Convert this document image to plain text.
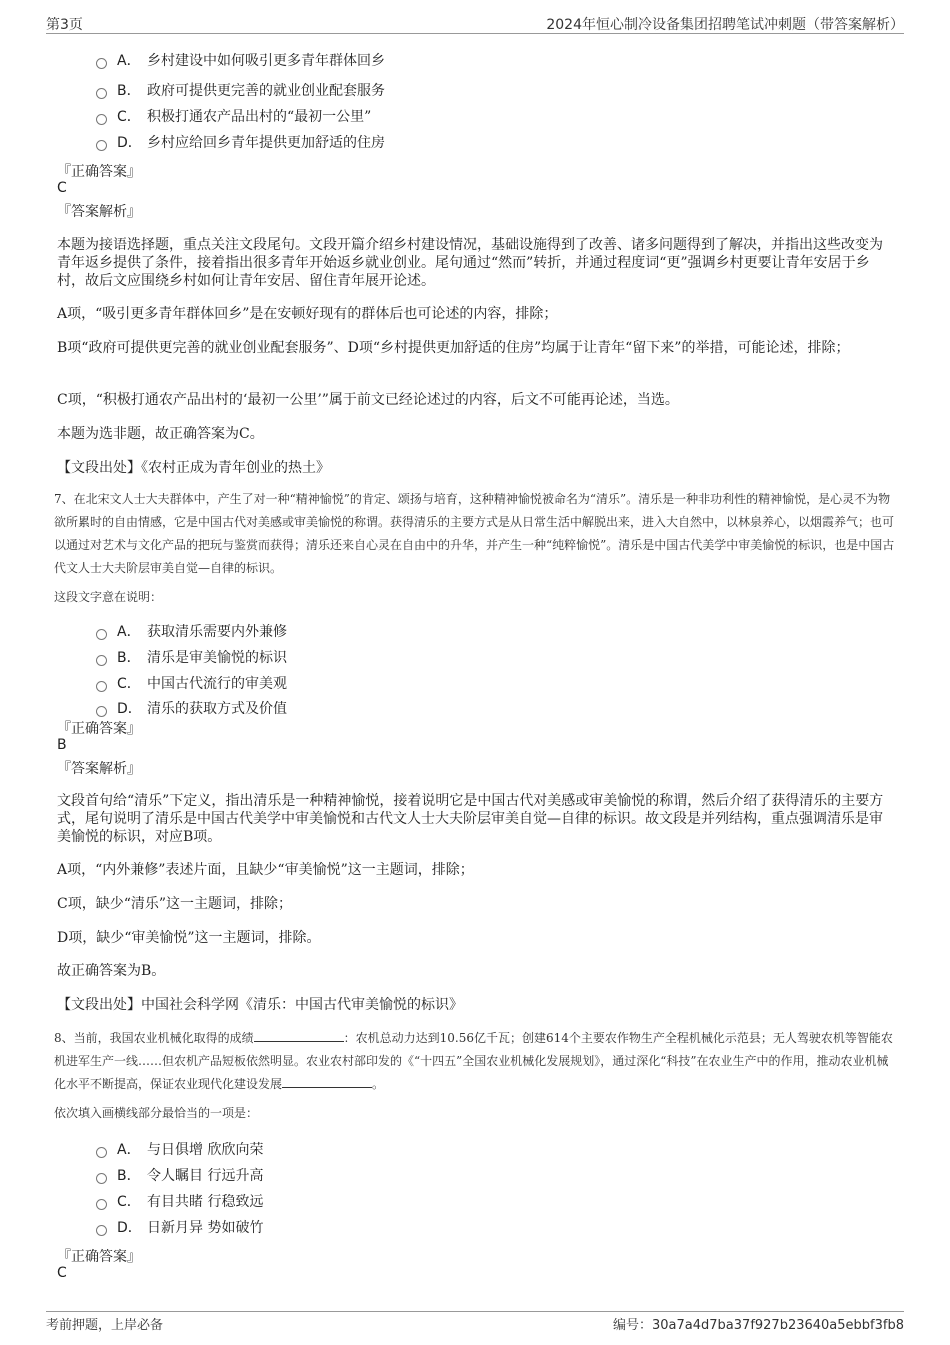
第3页	2024年恒心制冷设备集团招聘笔试冲刺题（带答案解析）
A． 乡村建设中如何吸引更多青年群体回乡
B． 政府可提供更完善的就业创业配套服务
C． 积极打通农产品出村的“最初一公里”
D． 乡村应给回乡青年提供更加舒适的住房
『正确答案』
C
『答案解析』
本题为接语选择题，重点关注文段尾句。文段开篇介绍乡村建设情况，基础设施得到了改善、诸多问题得到了解决，并指出这些改变为青年返乡提供了条件，接着指出很多青年开始返乡就业创业。尾句通过“然而”转折，并通过程度词“更”强调乡村更要让青年安居于乡村，故后文应围绕乡村如何让青年安居、留住青年展开论述。
A项，“吸引更多青年群体回乡”是在安顿好现有的群体后也可论述的内容，排除；
B项“政府可提供更完善的就业创业配套服务”、D项“乡村提供更加舒适的住房”均属于让青年“留下来”的举措，可能论述，排除；
C项，“积极打通农产品出村的‘最初一公里’”属于前文已经论述过的内容，后文不可能再论述，当选。
本题为选非题，故正确答案为C。
【文段出处】《农村正成为青年创业的热土》
7、在北宋文人士大夫群体中，产生了对一种“精神愉悦”的肯定、颂扬与培育，这种精神愉悦被命名为“清乐”。清乐是一种非功利性的精神愉悦，是心灵不为物欲所累时的自由情感，它是中国古代对美感或审美愉悦的称谓。获得清乐的主要方式是从日常生活中解脱出来，进入大自然中，以林泉养心，以烟霞养气；也可以通过对艺术与文化产品的把玩与鉴赏而获得；清乐还来自心灵在自由中的升华，并产生一种“纯粹愉悦”。清乐是中国古代美学中审美愉悦的标识，也是中国古代文人士大夫阶层审美自觉—自律的标识。
这段文字意在说明：
A． 获取清乐需要内外兼修
B． 清乐是审美愉悦的标识
C． 中国古代流行的审美观
D． 清乐的获取方式及价值
『正确答案』
B
『答案解析』
文段首句给“清乐”下定义，指出清乐是一种精神愉悦，接着说明它是中国古代对美感或审美愉悦的称谓，然后介绍了获得清乐的主要方式，尾句说明了清乐是中国古代美学中审美愉悦和古代文人士大夫阶层审美自觉—自律的标识。故文段是并列结构，重点强调清乐是审美愉悦的标识，对应B项。
A项，“内外兼修”表述片面，且缺少“审美愉悦”这一主题词，排除；
C项，缺少“清乐”这一主题词，排除；
D项，缺少“审美愉悦”这一主题词，排除。
故正确答案为B。
【文段出处】中国社会科学网《清乐：中国古代审美愉悦的标识》
8、当前，我国农业机械化取得的成绩	：农机总动力达到10.56亿千瓦；创建614个主要农作物生产全程机械化示范县；无人驾驶农机等智能农机进军生产一线……但农机产品短板依然明显。农业农村部印发的《“十四五”全国农业机械化发展规划》，通过深化“科技”在农业生产中的作用，推动农业机械化水平不断提高，保证农业现代化建设发展	。
依次填入画横线部分最恰当的一项是：
A． 与日俱增 欣欣向荣
B． 令人瞩目 行远升高
C． 有目共睹 行稳致远
D． 日新月异 势如破竹
『正确答案』
C
考前押题，上岸必备	编号：30a7a4d7ba37f927b23640a5ebbf3fb8
